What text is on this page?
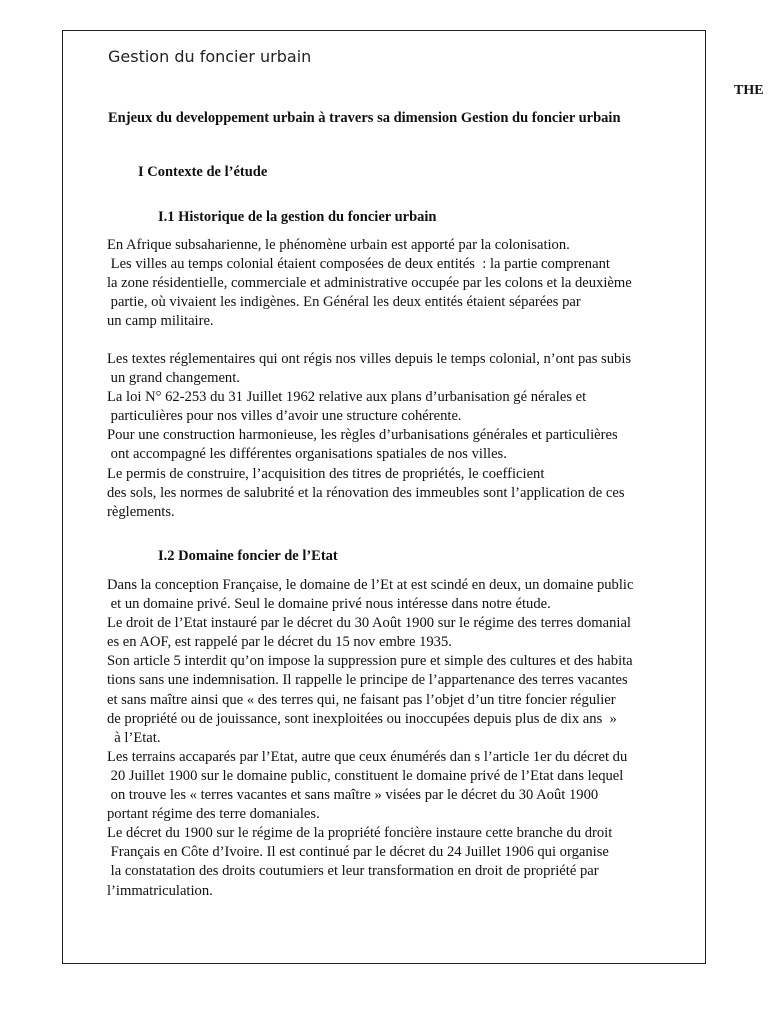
THE
Gestion du foncier urbain
Enjeux du developpement urbain à travers sa dimension Gestion du foncier urbain
I Contexte de l’étude
I.1 Historique de la gestion du foncier urbain
En Afrique subsaharienne, le phénomène urbain est apporté par la colonisation.
Les villes au temps colonial étaient composées de deux entités  : la partie comprenant
la zone résidentielle, commerciale et administrative occupée par les colons et la deuxième
partie, où vivaient les indigènes. En Général les deux entités étaient séparées par
un camp militaire.
Les textes réglementaires qui ont régis nos villes depuis le temps colonial, n’ont pas subis
un grand changement.
La loi N° 62-253 du 31 Juillet 1962 relative aux plans d’urbanisation gé nérales et
particulières pour nos villes d’avoir une structure cohérente.
Pour une construction harmonieuse, les règles d’urbanisations générales et particulières
ont accompagné les différentes organisations spatiales de nos villes.
Le permis de construire, l’acquisition des titres de propriétés, le coefficient
des sols, les normes de salubrité et la rénovation des immeubles sont l’application de ces
règlements.
I.2 Domaine foncier de l’Etat
Dans la conception Française, le domaine de l’Et at est scindé en deux, un domaine public
et un domaine privé. Seul le domaine privé nous intéresse dans notre étude.
Le droit de l’Etat instauré par le décret du 30 Août 1900 sur le régime des terres domanial
es en AOF, est rappelé par le décret du 15 nov embre 1935.
Son article 5 interdit qu’on impose la suppression pure et simple des cultures et des habita
tions sans une indemnisation. Il rappelle le principe de l’appartenance des terres vacantes
et sans maître ainsi que « des terres qui, ne faisant pas l’objet d’un titre foncier régulier
de propriété ou de jouissance, sont inexploitées ou inoccupées depuis plus de dix ans  »
à l’Etat.
Les terrains accaparés par l’Etat, autre que ceux énumérés dan s l’article 1er du décret du
20 Juillet 1900 sur le domaine public, constituent le domaine privé de l’Etat dans lequel
on trouve les « terres vacantes et sans maître » visées par le décret du 30 Août 1900
portant régime des terre domaniales.
Le décret du 1900 sur le régime de la propriété foncière instaure cette branche du droit
Français en Côte d’Ivoire. Il est continué par le décret du 24 Juillet 1906 qui organise
la constatation des droits coutumiers et leur transformation en droit de propriété par
l’immatriculation.
